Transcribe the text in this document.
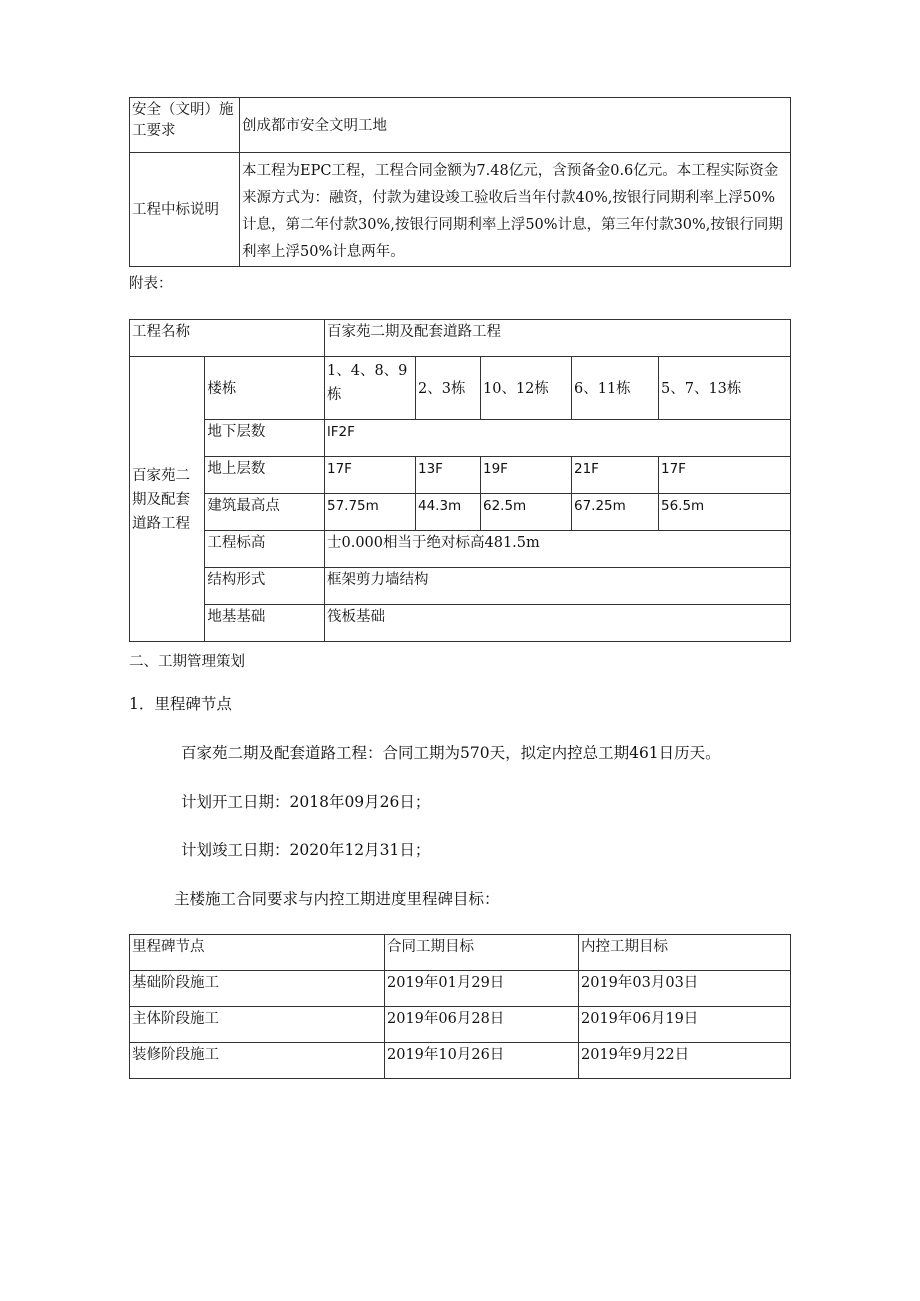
安全（文明）施工要求	创成都市安全文明工地
工程中标说明	本工程为EPC工程，工程合同金额为7.48亿元，含预备金0.6亿元。本工程实际资金来源方式为：融资，付款为建设竣工验收后当年付款40%,按银行同期利率上浮50%计息，第二年付款30%,按银行同期利率上浮50%计息，第三年付款30%,按银行同期利率上浮50%计息两年。
附表：
工程名称		百家苑二期及配套道路工程				
百家苑二期及配套道路工程	楼栋	1、4、8、9栋	2、3栋	10、12栋	6、11栋	5、7、13栋
	地下层数	lF2F				
	地上层数	17F	13F	19F	21F	17F
	建筑最高点	57.75m	44.3m	62.5m	67.25m	56.5m
	工程标高	士0.000相当于绝对标高481.5m				
	结构形式	框架剪力墙结构				
	地基基础	筏板基础				
二、工期管理策划
1．里程碑节点
百家苑二期及配套道路工程：合同工期为570天，拟定内控总工期461日历天。
计划开工日期：2018年09月26日；
计划竣工日期：2020年12月31日；
主楼施工合同要求与内控工期进度里程碑目标：
里程碑节点	合同工期目标	内控工期目标
基础阶段施工	2019年01月29日	2019年03月03日
主体阶段施工	2019年06月28日	2019年06月19日
装修阶段施工	2019年10月26日	2019年9月22日
